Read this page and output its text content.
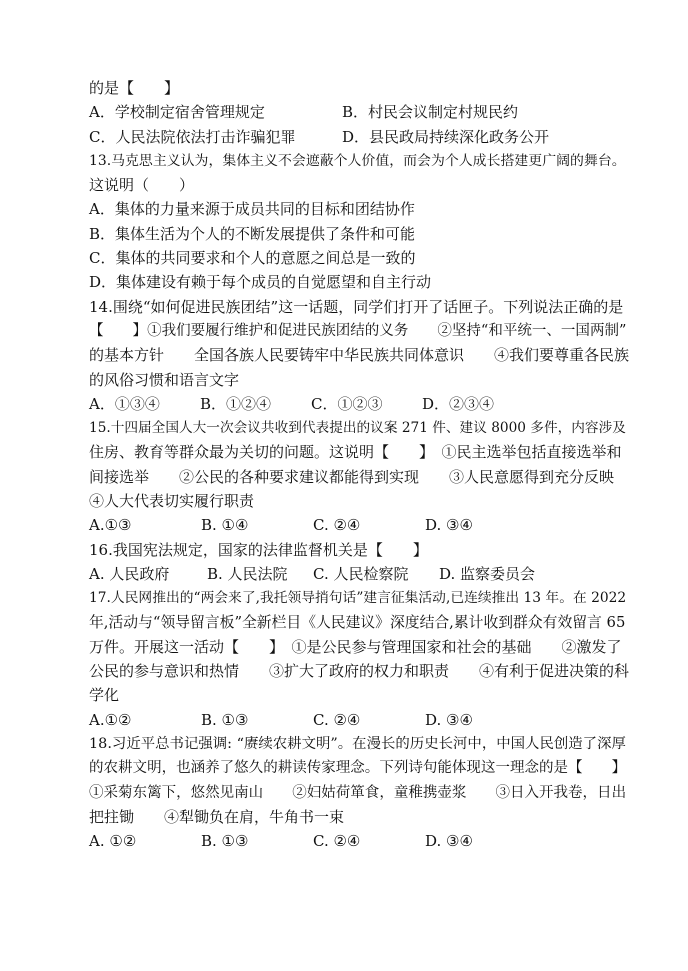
的是【　　】
A．学校制定宿舍管理规定	B．村民会议制定村规民约
C．人民法院依法打击诈骗犯罪	D．县民政局持续深化政务公开
13.马克思主义认为，集体主义不会遮蔽个人价值，而会为个人成长搭建更广阔的舞台。
这说明（　　）
A．集体的力量来源于成员共同的目标和团结协作
B．集体生活为个人的不断发展提供了条件和可能
C．集体的共同要求和个人的意愿之间总是一致的
D．集体建设有赖于每个成员的自觉愿望和自主行动
14.围绕“如何促进民族团结”这一话题，同学们打开了话匣子。下列说法正确的是
【　　】①我们要履行维护和促进民族团结的义务　　②坚持“和平统一、一国两制”
的基本方针　　全国各族人民要铸牢中华民族共同体意识　　④我们要尊重各民族
的风俗习惯和语言文字
A．①③④	B．①②④	C．①②③	D．②③④
15.十四届全国人大一次会议共收到代表提出的议案 271 件、建议 8000 多件，内容涉及
住房、教育等群众最为关切的问题。这说明【　　】　①民主选举包括直接选举和
间接选举　　②公民的各种要求建议都能得到实现　　③人民意愿得到充分反映
④人大代表切实履行职责
A.①③	B. ①④	C. ②④	D. ③④
16.我国宪法规定，国家的法律监督机关是【　　】
A. 人民政府	B. 人民法院 C. 人民检察院 D. 监察委员会
17.人民网推出的“两会来了,我托领导捎句话”建言征集活动,已连续推出 13 年。在 2022
年,活动与“领导留言板”全新栏目《人民建议》深度结合,累计收到群众有效留言 65
万件。开展这一活动【　　】　①是公民参与管理国家和社会的基础　　②激发了
公民的参与意识和热情　　③扩大了政府的权力和职责　　④有利于促进决策的科
学化
A.①②	B. ①③	C. ②④	D. ③④
18.习近平总书记强调: “赓续农耕文明”。在漫长的历史长河中，中国人民创造了深厚
的农耕文明，也涵养了悠久的耕读传家理念。下列诗句能体现这一理念的是【　　】
①采菊东篱下，悠然见南山　　②妇姑荷箪食，童稚携壶浆　　③日入开我卷，日出
把拄锄　　④犁锄负在肩，牛角书一束
A. ①②	B. ①③	C. ②④	D. ③④
